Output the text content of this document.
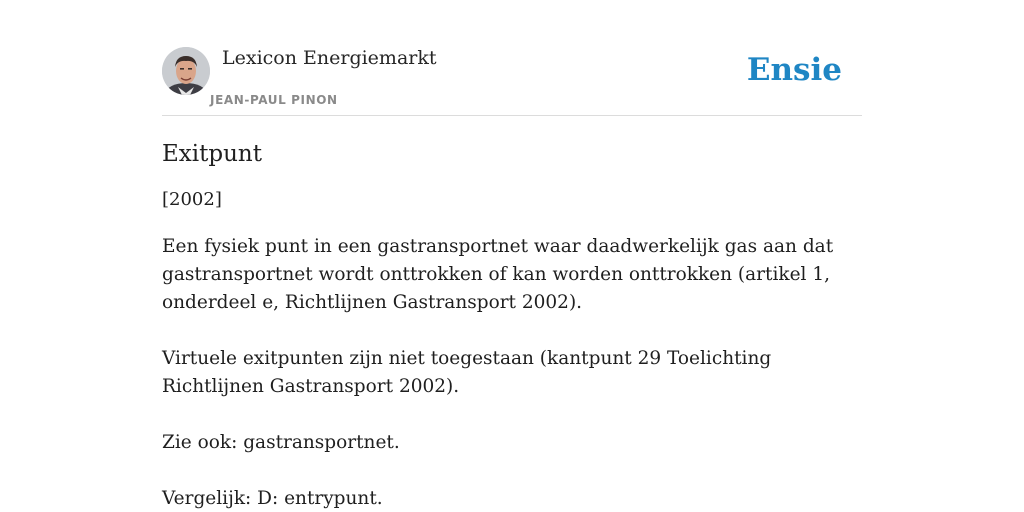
Lexicon Energiemarkt
JEAN-PAUL PINON
Ensie
Exitpunt

[2002]

Een fysiek punt in een gastransportnet waar daadwerkelijk gas aan dat gastransportnet wordt onttrokken of kan worden onttrokken (artikel 1, onderdeel e, Richtlijnen Gastransport 2002).

Virtuele exitpunten zijn niet toegestaan (kantpunt 29 Toelichting Richtlijnen Gastransport 2002).

Zie ook: gastransportnet.

Vergelijk: D: entrypunt.
